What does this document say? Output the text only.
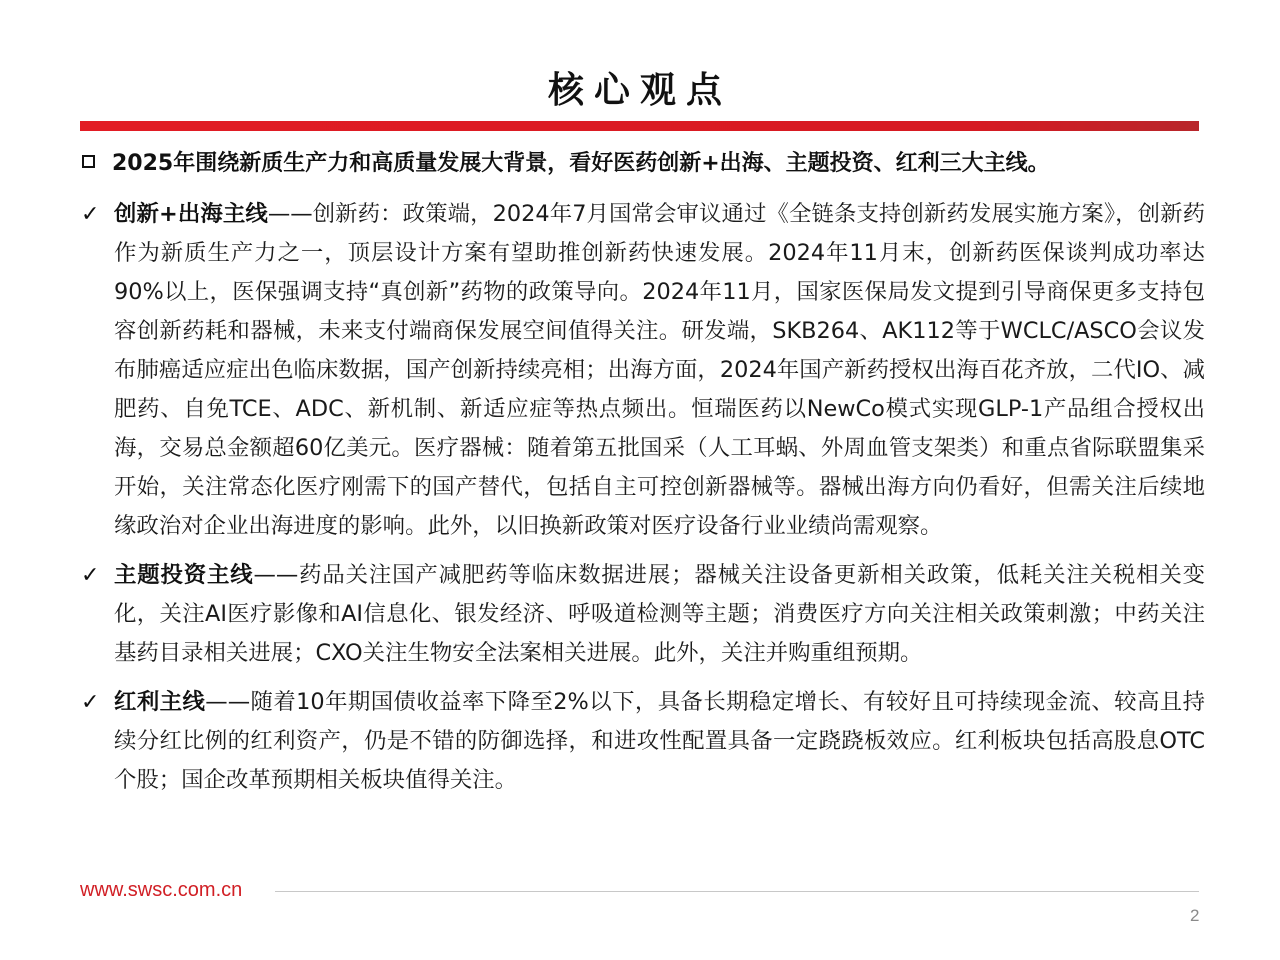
核心观点
2025年围绕新质生产力和高质量发展大背景，看好医药创新+出海、主题投资、红利三大主线。
✓ 创新+出海主线——创新药：政策端，2024年7月国常会审议通过《全链条支持创新药发展实施方案》，创新药作为新质生产力之一，顶层设计方案有望助推创新药快速发展。2024年11月末，创新药医保谈判成功率达90%以上，医保强调支持“真创新”药物的政策导向。2024年11月，国家医保局发文提到引导商保更多支持包容创新药耗和器械，未来支付端商保发展空间值得关注。研发端，SKB264、AK112等于WCLC/ASCO会议发布肺癌适应症出色临床数据，国产创新持续亮相；出海方面，2024年国产新药授权出海百花齐放，二代IO、减肥药、自免TCE、ADC、新机制、新适应症等热点频出。恒瑞医药以NewCo模式实现GLP-1产品组合授权出海，交易总金额超60亿美元。医疗器械：随着第五批国采（人工耳蜗、外周血管支架类）和重点省际联盟集采开始，关注常态化医疗刚需下的国产替代，包括自主可控创新器械等。器械出海方向仍看好，但需关注后续地缘政治对企业出海进度的影响。此外，以旧换新政策对医疗设备行业业绩尚需观察。
✓ 主题投资主线——药品关注国产减肥药等临床数据进展；器械关注设备更新相关政策，低耗关注关税相关变化，关注AI医疗影像和AI信息化、银发经济、呼吸道检测等主题；消费医疗方向关注相关政策刺激；中药关注基药目录相关进展；CXO关注生物安全法案相关进展。此外，关注并购重组预期。
✓ 红利主线——随着10年期国债收益率下降至2%以下，具备长期稳定增长、有较好且可持续现金流、较高且持续分红比例的红利资产，仍是不错的防御选择，和进攻性配置具备一定跷跷板效应。红利板块包括高股息OTC个股；国企改革预期相关板块值得关注。
www.swsc.com.cn
2
